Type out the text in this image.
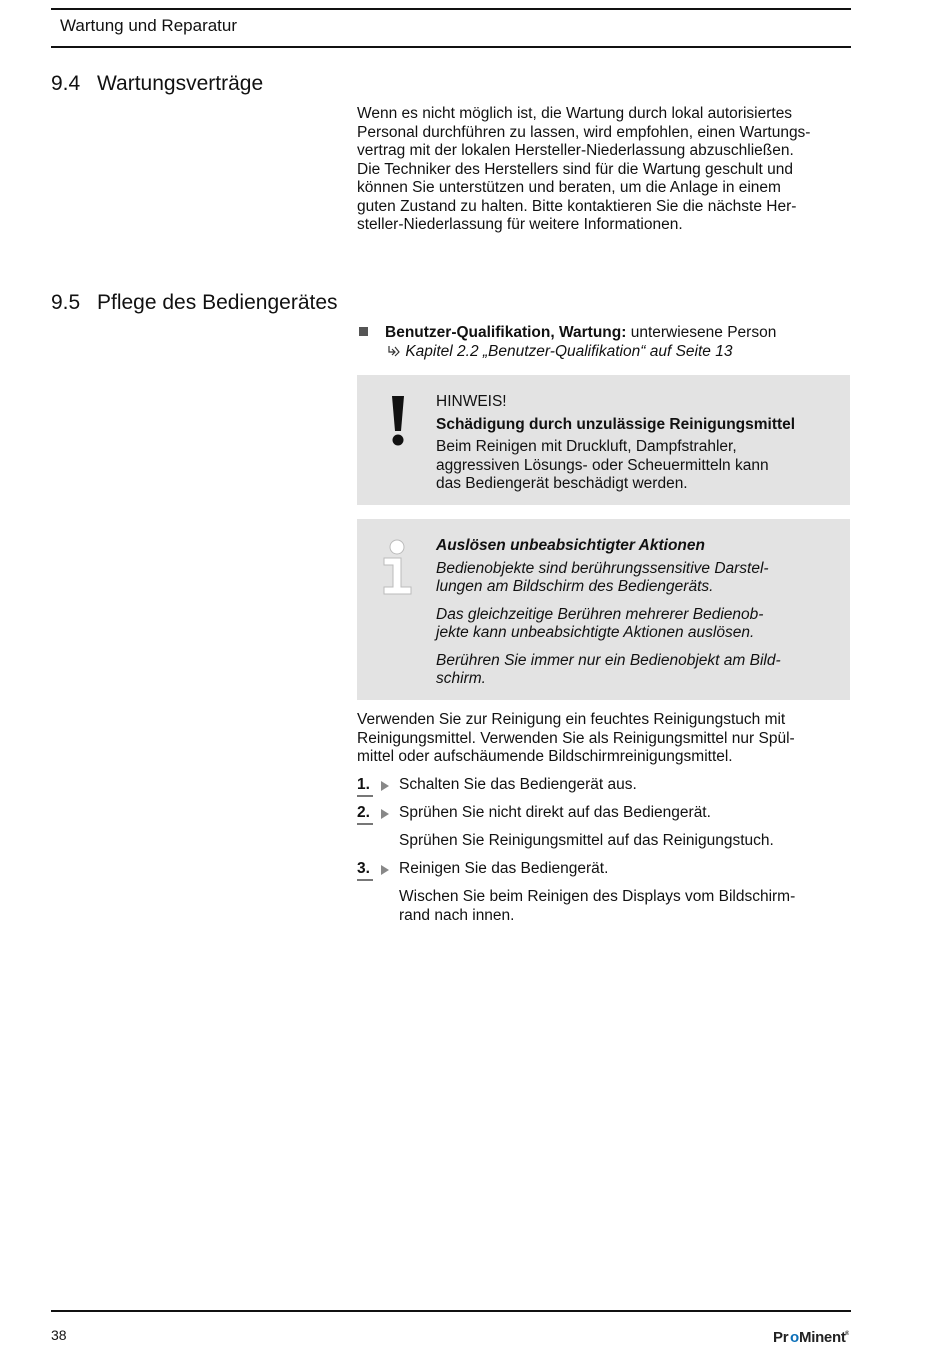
Wartung und Reparatur
9.4 Wartungsverträge
Wenn es nicht möglich ist, die Wartung durch lokal autorisiertes
Personal durchführen zu lassen, wird empfohlen, einen Wartungs-
vertrag mit der lokalen Hersteller-Niederlassung abzuschließen.
Die Techniker des Herstellers sind für die Wartung geschult und
können Sie unterstützen und beraten, um die Anlage in einem
guten Zustand zu halten. Bitte kontaktieren Sie die nächste Her-
steller-Niederlassung für weitere Informationen.
9.5 Pflege des Bediengerätes
Benutzer-Qualifikation, Wartung: unterwiesene Person
Kapitel 2.2 „Benutzer-Qualifikation“ auf Seite 13
HINWEIS!
Schädigung durch unzulässige Reinigungsmittel
Beim Reinigen mit Druckluft, Dampfstrahler,
aggressiven Lösungs- oder Scheuermitteln kann
das Bediengerät beschädigt werden.
Auslösen unbeabsichtigter Aktionen
Bedienobjekte sind berührungssensitive Darstel-
lungen am Bildschirm des Bediengeräts.
Das gleichzeitige Berühren mehrerer Bedienob-
jekte kann unbeabsichtigte Aktionen auslösen.
Berühren Sie immer nur ein Bedienobjekt am Bild-
schirm.
Verwenden Sie zur Reinigung ein feuchtes Reinigungstuch mit
Reinigungsmittel. Verwenden Sie als Reinigungsmittel nur Spül-
mittel oder aufschäumende Bildschirmreinigungsmittel.
1. Schalten Sie das Bediengerät aus.
2. Sprühen Sie nicht direkt auf das Bediengerät.
Sprühen Sie Reinigungsmittel auf das Reinigungstuch.
3. Reinigen Sie das Bediengerät.
Wischen Sie beim Reinigen des Displays vom Bildschirm-
rand nach innen.
38	Pr o Minent ®
